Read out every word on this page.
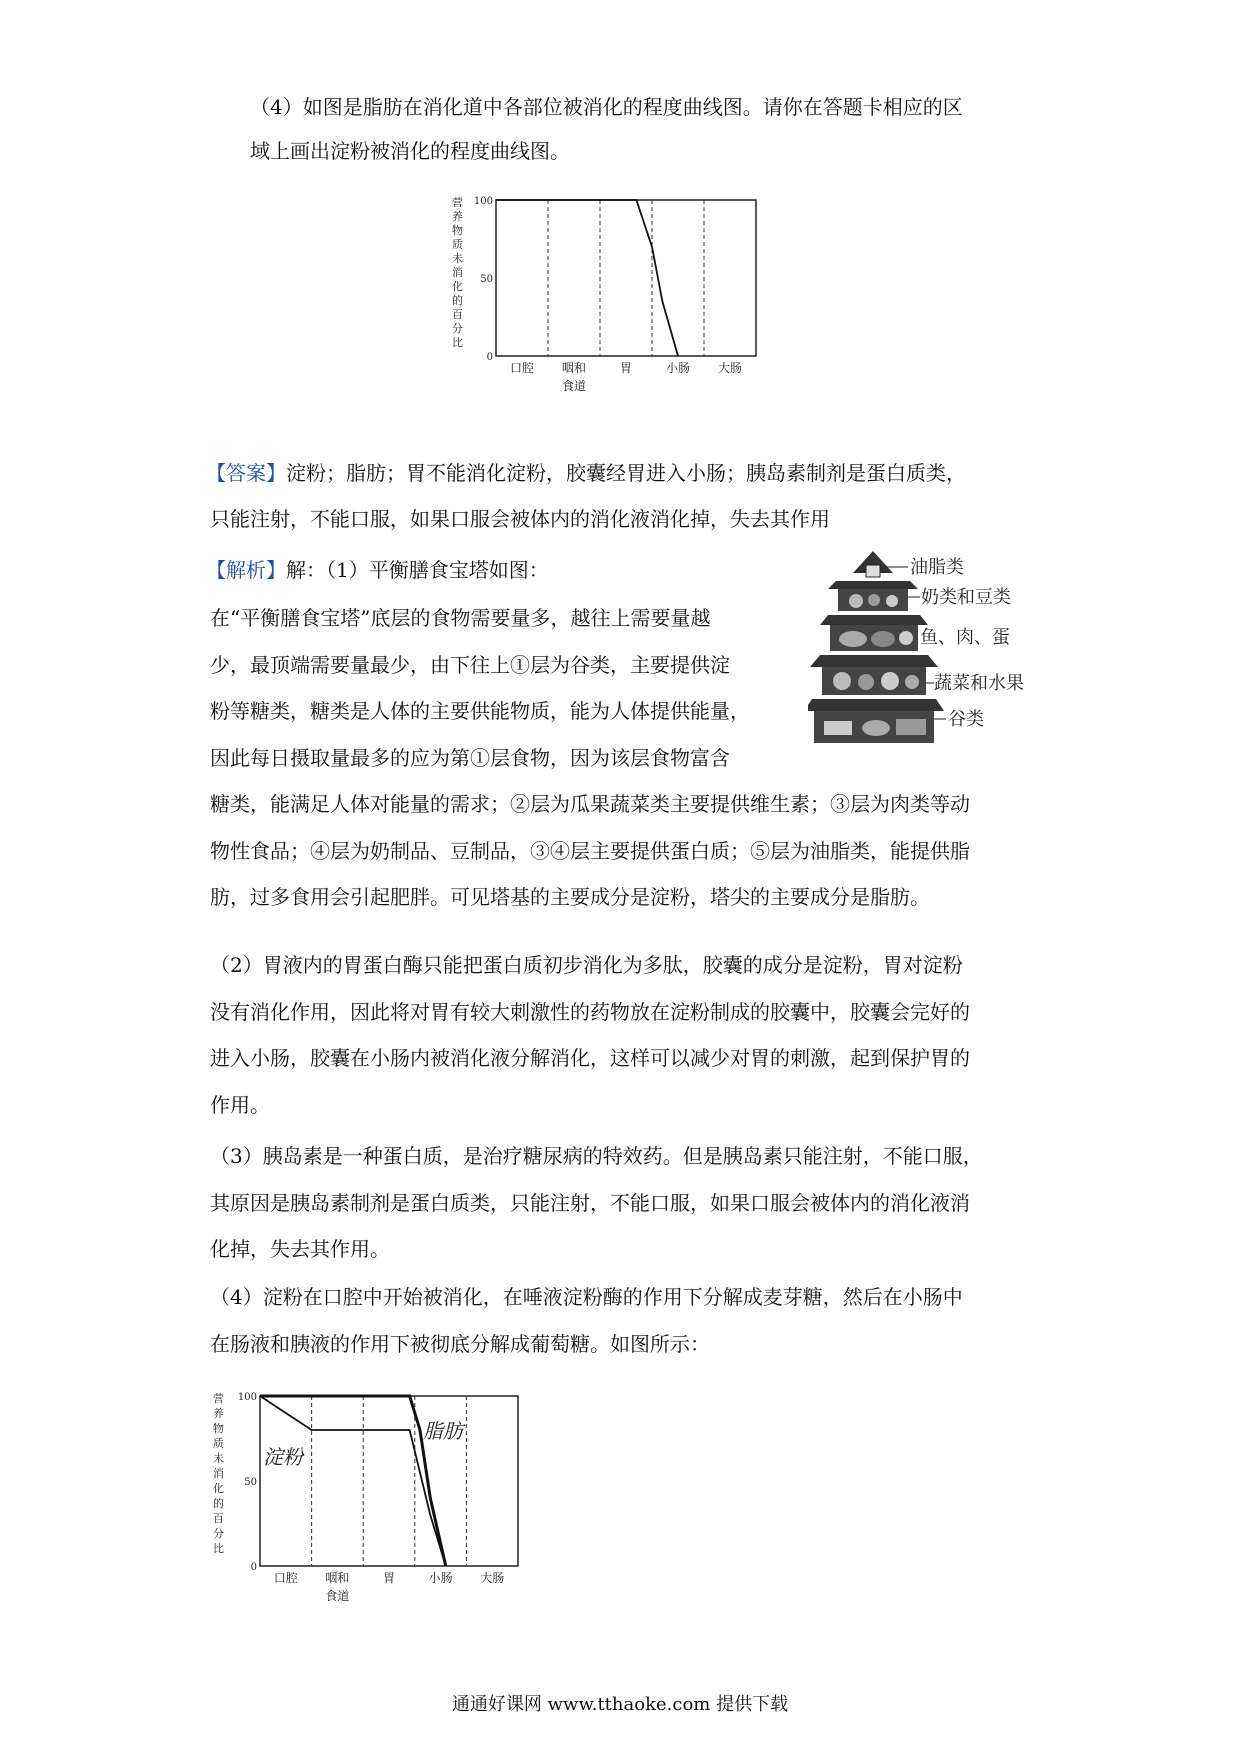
（4）如图是脂肪在消化道中各部位被消化的程度曲线图。请你在答题卡相应的区
域上画出淀粉被消化的程度曲线图。
营
养
物
质
未
消
化
的
百
分
比
100
50
0
口腔 咽和	胃	小肠 大肠
食道
【答案】淀粉；脂肪；胃不能消化淀粉，胶囊经胃进入小肠；胰岛素制剂是蛋白质类，
只能注射，不能口服，如果口服会被体内的消化液消化掉，失去其作用
【解析】解：（1）平衡膳食宝塔如图：
在“平衡膳食宝塔”底层的食物需要量多，越往上需要量越
少，最顶端需要量最少，由下往上①层为谷类，主要提供淀
粉等糖类，糖类是人体的主要供能物质，能为人体提供能量，
因此每日摄取量最多的应为第①层食物，因为该层食物富含
糖类，能满足人体对能量的需求；②层为瓜果蔬菜类主要提供维生素；③层为肉类等动
物性食品；④层为奶制品、豆制品，③④层主要提供蛋白质；⑤层为油脂类，能提供脂
肪，过多食用会引起肥胖。可见塔基的主要成分是淀粉，塔尖的主要成分是脂肪。
（2）胃液内的胃蛋白酶只能把蛋白质初步消化为多肽，胶囊的成分是淀粉，胃对淀粉
没有消化作用，因此将对胃有较大刺激性的药物放在淀粉制成的胶囊中，胶囊会完好的
进入小肠，胶囊在小肠内被消化液分解消化，这样可以减少对胃的刺激，起到保护胃的
作用。
（3）胰岛素是一种蛋白质，是治疗糖尿病的特效药。但是胰岛素只能注射，不能口服，
其原因是胰岛素制剂是蛋白质类，只能注射，不能口服，如果口服会被体内的消化液消
化掉，失去其作用。
（4）淀粉在口腔中开始被消化，在唾液淀粉酶的作用下分解成麦芽糖，然后在小肠中
在肠液和胰液的作用下被彻底分解成葡萄糖。如图所示：
油脂类
奶类和豆类
鱼、肉、蛋
蔬菜和水果
谷类
营
养
物
质
未
消
化
的
百
分
比
100
50
0
口腔 咽和	胃	小肠 大肠
食道
淀粉
脂肪
通通好课网 www.tthaoke.com 提供下载
